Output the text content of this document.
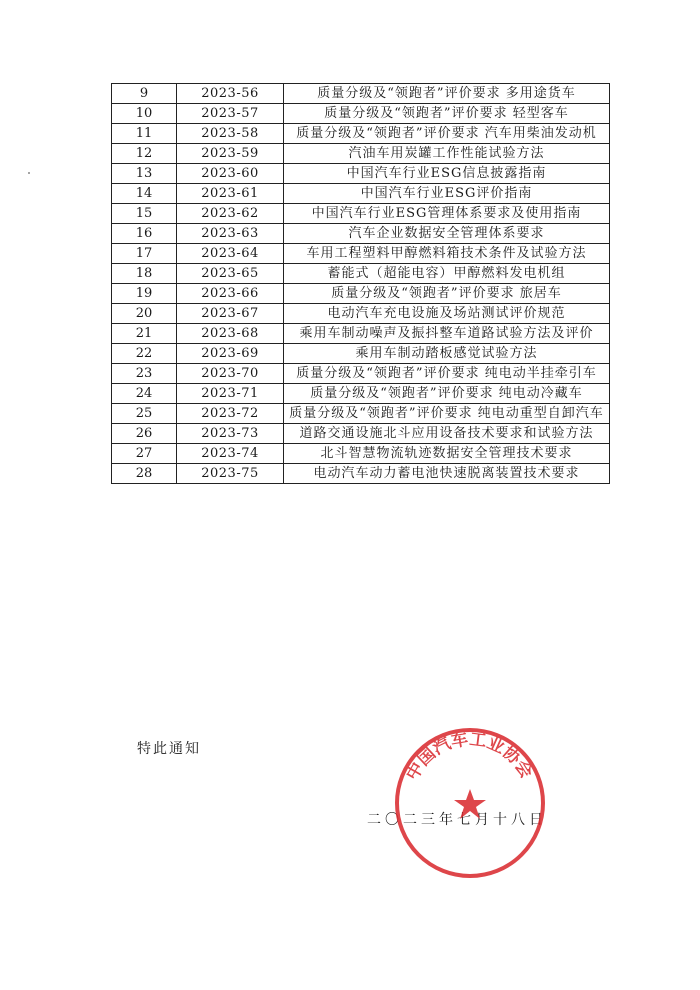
9	2023-56	质量分级及“领跑者”评价要求 多用途货车
10	2023-57	质量分级及“领跑者”评价要求 轻型客车
11	2023-58	质量分级及“领跑者”评价要求 汽车用柴油发动机
12	2023-59	汽油车用炭罐工作性能试验方法
13	2023-60	中国汽车行业ESG信息披露指南
14	2023-61	中国汽车行业ESG评价指南
15	2023-62	中国汽车行业ESG管理体系要求及使用指南
16	2023-63	汽车企业数据安全管理体系要求
17	2023-64	车用工程塑料甲醇燃料箱技术条件及试验方法
18	2023-65	蓄能式（超能电容）甲醇燃料发电机组
19	2023-66	质量分级及“领跑者”评价要求 旅居车
20	2023-67	电动汽车充电设施及场站测试评价规范
21	2023-68	乘用车制动噪声及振抖整车道路试验方法及评价
22	2023-69	乘用车制动踏板感觉试验方法
23	2023-70	质量分级及“领跑者”评价要求 纯电动半挂牵引车
24	2023-71	质量分级及“领跑者”评价要求 纯电动冷藏车
25	2023-72	质量分级及“领跑者”评价要求 纯电动重型自卸汽车
26	2023-73	道路交通设施北斗应用设备技术要求和试验方法
27	2023-74	北斗智慧物流轨迹数据安全管理技术要求
28	2023-75	电动汽车动力蓄电池快速脱离装置技术要求
特此通知
二〇二三年七月十八日
中国汽车工业协会
